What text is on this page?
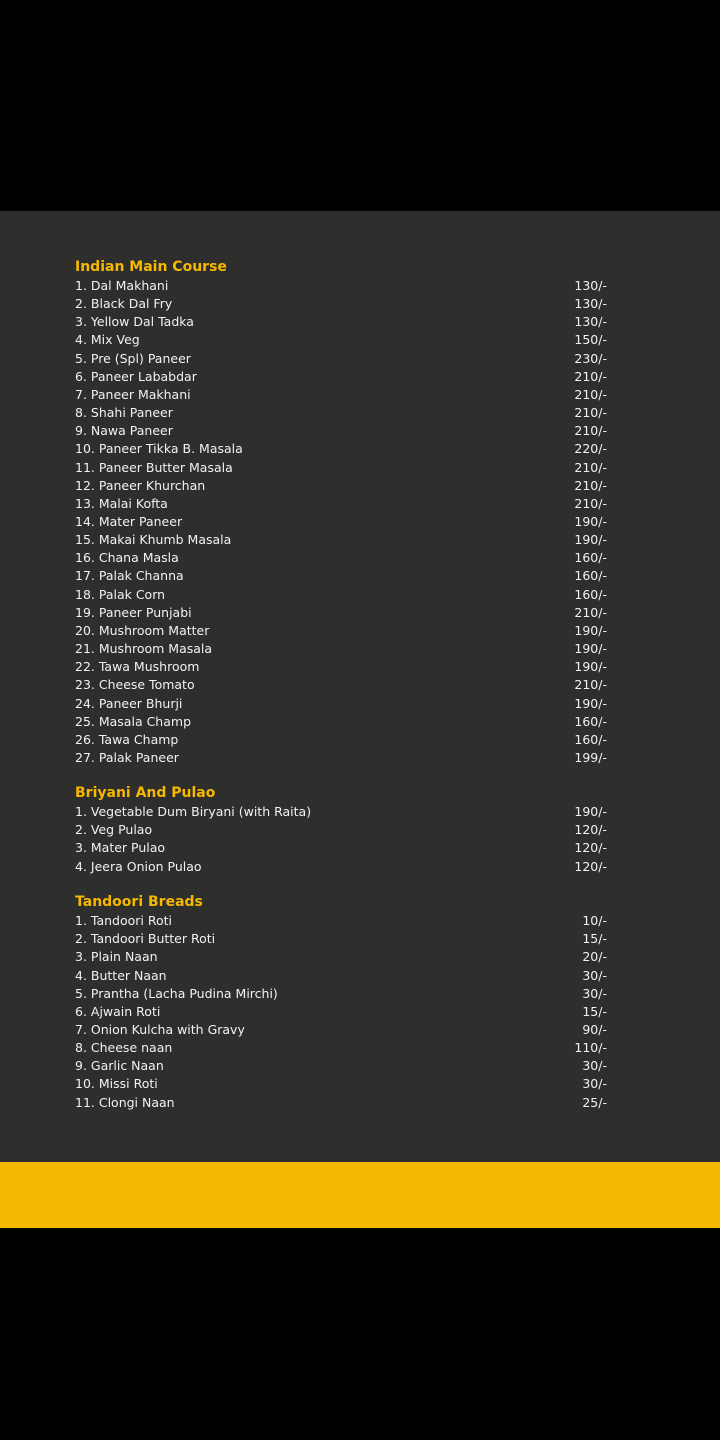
Indian Main Course
1. Dal Makhani	130/-
2. Black Dal Fry	130/-
3. Yellow Dal Tadka	130/-
4. Mix Veg	150/-
5. Pre (Spl) Paneer	230/-
6. Paneer Lababdar	210/-
7. Paneer Makhani	210/-
8. Shahi Paneer	210/-
9. Nawa Paneer	210/-
10. Paneer Tikka B. Masala	220/-
11. Paneer Butter Masala	210/-
12. Paneer Khurchan	210/-
13. Malai Kofta	210/-
14. Mater Paneer	190/-
15. Makai Khumb Masala	190/-
16. Chana Masla	160/-
17. Palak Channa	160/-
18. Palak Corn	160/-
19. Paneer Punjabi	210/-
20. Mushroom Matter	190/-
21. Mushroom Masala	190/-
22. Tawa Mushroom	190/-
23. Cheese Tomato	210/-
24. Paneer Bhurji	190/-
25. Masala Champ	160/-
26. Tawa Champ	160/-
27. Palak Paneer	199/-
Briyani And Pulao
1. Vegetable Dum Biryani (with Raita)	190/-
2. Veg Pulao	120/-
3. Mater Pulao	120/-
4. Jeera Onion Pulao	120/-
Tandoori Breads
1. Tandoori Roti	10/-
2. Tandoori Butter Roti	15/-
3. Plain Naan	20/-
4. Butter Naan	30/-
5. Prantha (Lacha Pudina Mirchi)	30/-
6. Ajwain Roti	15/-
7. Onion Kulcha with Gravy	90/-
8. Cheese naan	110/-
9. Garlic Naan	30/-
10. Missi Roti	30/-
11. Clongi Naan	25/-
